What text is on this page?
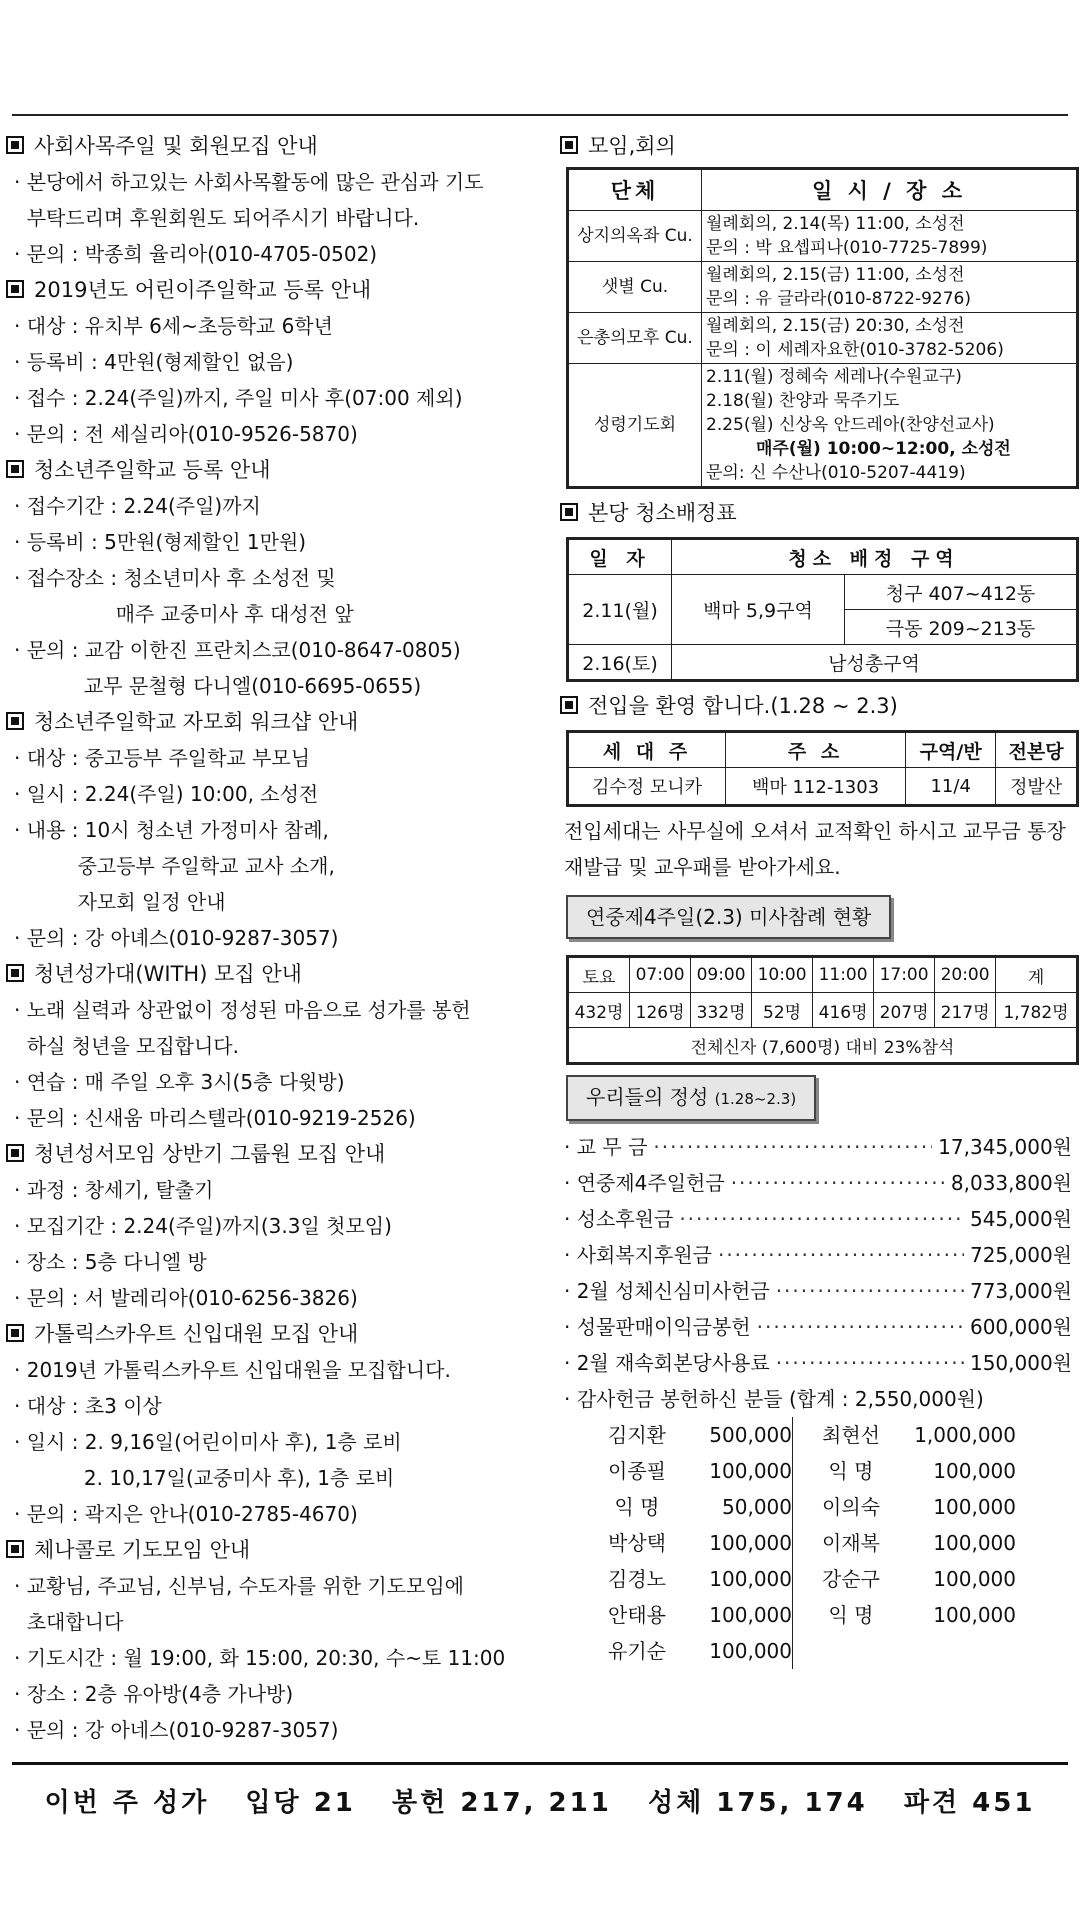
사회사목주일 및 회원모집 안내
· 본당에서 하고있는 사회사목활동에 많은 관심과 기도
부탁드리며 후원회원도 되어주시기 바랍니다.
· 문의 : 박종희 율리아(010-4705-0502)
2019년도 어린이주일학교 등록 안내
· 대상 : 유치부 6세~초등학교 6학년
· 등록비 : 4만원(형제할인 없음)
· 접수 : 2.24(주일)까지, 주일 미사 후(07:00 제외)
· 문의 : 전 세실리아(010-9526-5870)
청소년주일학교 등록 안내
· 접수기간 : 2.24(주일)까지
· 등록비 : 5만원(형제할인 1만원)
· 접수장소 : 청소년미사 후 소성전 및
매주 교중미사 후 대성전 앞
· 문의 : 교감 이한진 프란치스코(010-8647-0805)
교무 문철형 다니엘(010-6695-0655)
청소년주일학교 자모회 워크샵 안내
· 대상 : 중고등부 주일학교 부모님
· 일시 : 2.24(주일) 10:00, 소성전
· 내용 : 10시 청소년 가정미사 참례,
중고등부 주일학교 교사 소개,
자모회 일정 안내
· 문의 : 강 아녜스(010-9287-3057)
청년성가대(WITH) 모집 안내
· 노래 실력과 상관없이 정성된 마음으로 성가를 봉헌
하실 청년을 모집합니다.
· 연습 : 매 주일 오후 3시(5층 다윗방)
· 문의 : 신새움 마리스텔라(010-9219-2526)
청년성서모임 상반기 그룹원 모집 안내
· 과정 : 창세기, 탈출기
· 모집기간 : 2.24(주일)까지(3.3일 첫모임)
· 장소 : 5층 다니엘 방
· 문의 : 서 발레리아(010-6256-3826)
가톨릭스카우트 신입대원 모집 안내
· 2019년 가톨릭스카우트 신입대원을 모집합니다.
· 대상 : 초3 이상
· 일시 : 2. 9,16일(어린이미사 후), 1층 로비
2. 10,17일(교중미사 후), 1층 로비
· 문의 : 곽지은 안나(010-2785-4670)
체나콜로 기도모임 안내
· 교황님, 주교님, 신부님, 수도자를 위한 기도모임에
초대합니다
· 기도시간 : 월 19:00, 화 15:00, 20:30, 수~토 11:00
· 장소 : 2층 유아방(4층 가나방)
· 문의 : 강 아네스(010-9287-3057)
모임,회의
단체	일 시 / 장 소
상지의옥좌 Cu.	월례회의, 2.14(목) 11:00, 소성전
문의 : 박 요셉피나(010-7725-7899)

샛별 Cu.	월례회의, 2.15(금) 11:00, 소성전
문의 : 유 글라라(010-8722-9276)

은총의모후 Cu.	월례회의, 2.15(금) 20:30, 소성전
문의 : 이 세례자요한(010-3782-5206)

성령기도회	2.11(월) 정혜숙 세레나(수원교구)
2.18(월) 찬양과 묵주기도
2.25(월) 신상옥 안드레아(찬양선교사)
매주(월) 10:00~12:00, 소성전
문의: 신 수산나(010-5207-4419)
본당 청소배정표
일 자	청소 배정 구역	
2.11(월)	백마 5,9구역	청구 407~412동
		극동 209~213동
2.16(토)	남성총구역	
전입을 환영 합니다.(1.28 ~ 2.3)
세 대 주	주 소	구역/반	전본당
김수정 모니카	백마 112-1303	11/4	정발산
전입세대는 사무실에 오셔서 교적확인 하시고 교무금 통장
재발급 및 교우패를 받아가세요.
연중제4주일(2.3) 미사참례 현황
토요	07:00	09:00	10:00	11:00	17:00	20:00	계
432명	126명	332명	52명	416명	207명	217명	1,782명
전체신자 (7,600명) 대비 23%참석							
우리들의 정성 (1.28~2.3)
· 교 무 금 ·····	17,345,000원
· 연중제4주일헌금 ·····	8,033,800원
· 성소후원금 ·····	545,000원
· 사회복지후원금 ·····	725,000원
· 2월 성체신심미사헌금 ·····	773,000원
· 성물판매이익금봉헌 ·····	600,000원
· 2월 재속회본당사용료 ·····	150,000원
· 감사헌금 봉헌하신 분들 (합계 : 2,550,000원)
김지환	500,000	최현선	1,000,000
이종필	100,000	익 명	100,000
익 명	50,000	이의숙	100,000
박상택	100,000	이재복	100,000
김경노	100,000	강순구	100,000
안태용	100,000	익 명	100,000
유기순	100,000
이번 주 성가   입당 21   봉헌 217, 211   성체 175, 174   파견 451
